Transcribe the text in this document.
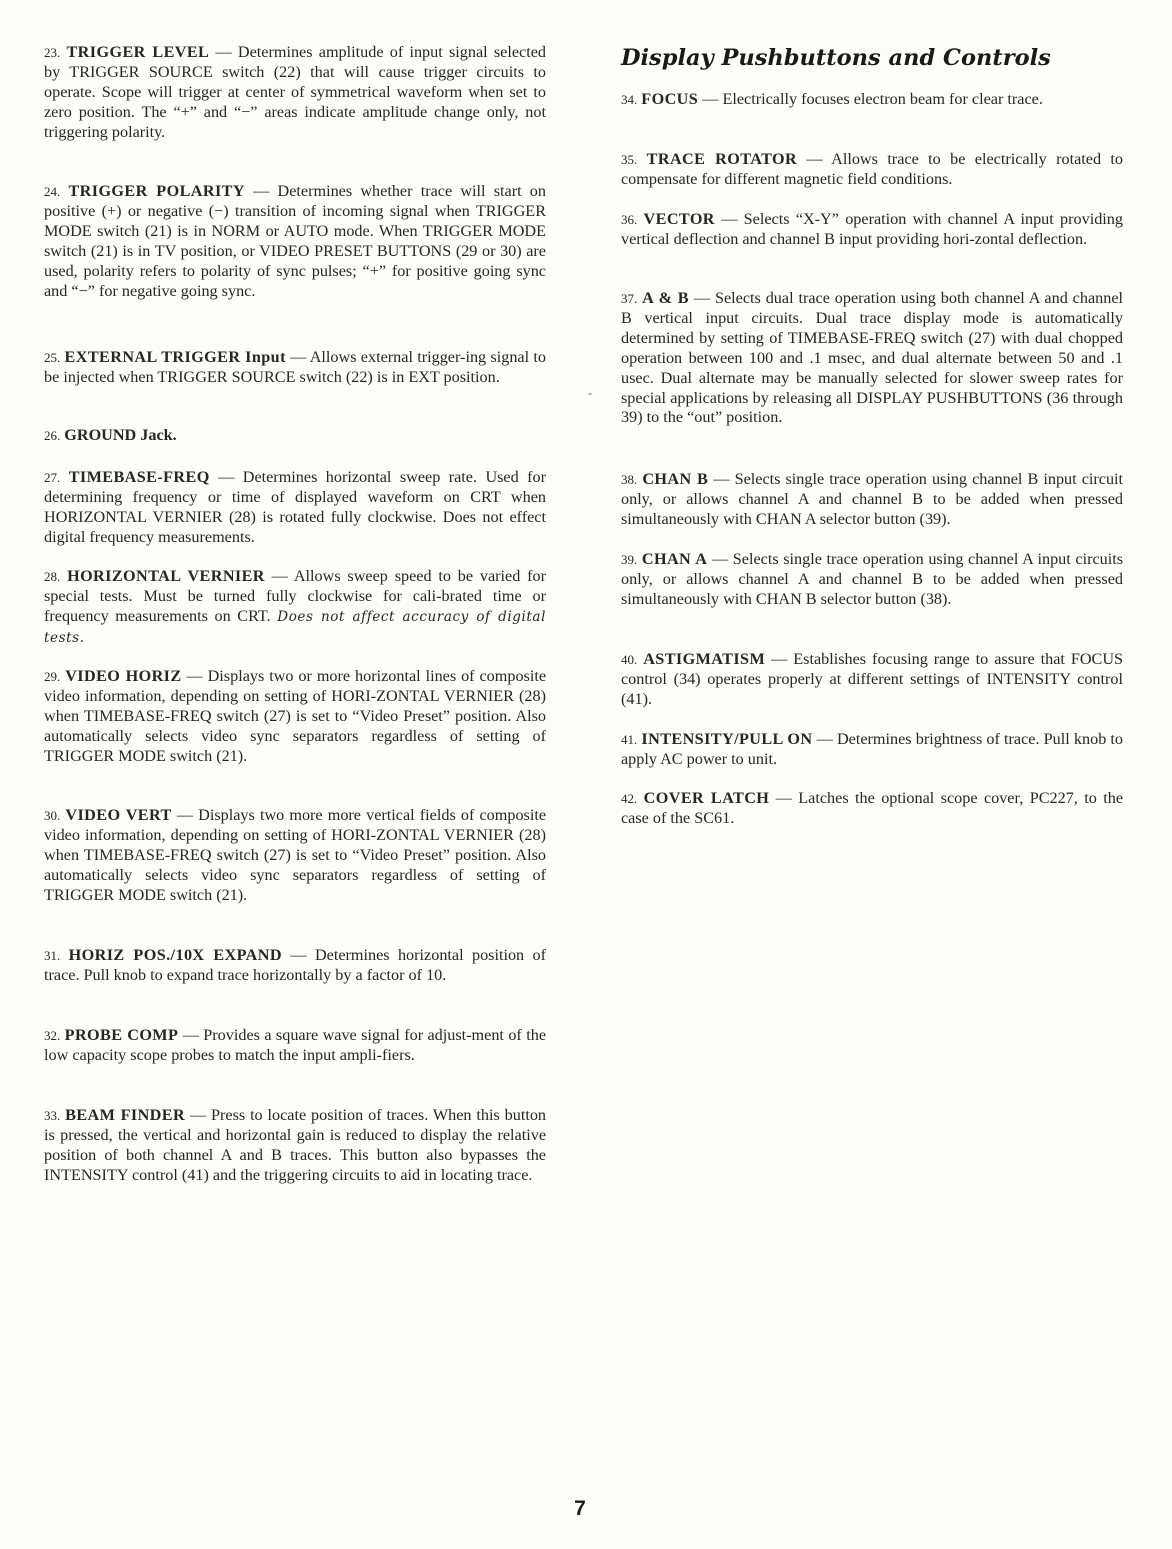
23. TRIGGER LEVEL — Determines amplitude of input signal selected by TRIGGER SOURCE switch (22) that will cause trigger circuits to operate. Scope will trigger at center of symmetrical waveform when set to zero position. The “+” and “−” areas indicate amplitude change only, not triggering polarity.

24. TRIGGER POLARITY — Determines whether trace will start on positive (+) or negative (−) transition of incoming signal when TRIGGER MODE switch (21) is in NORM or AUTO mode. When TRIGGER MODE switch (21) is in TV position, or VIDEO PRESET BUTTONS (29 or 30) are used, polarity refers to polarity of sync pulses; “+” for positive going sync and “−” for negative going sync.

25. EXTERNAL TRIGGER Input — Allows external trigger-ing signal to be injected when TRIGGER SOURCE switch (22) is in EXT position.

26. GROUND Jack.

27. TIMEBASE-FREQ — Determines horizontal sweep rate. Used for determining frequency or time of displayed waveform on CRT when HORIZONTAL VERNIER (28) is rotated fully clockwise. Does not effect digital frequency measurements.

28. HORIZONTAL VERNIER — Allows sweep speed to be varied for special tests. Must be turned fully clockwise for cali-brated time or frequency measurements on CRT. Does not affect accuracy of digital tests.

29. VIDEO HORIZ — Displays two or more horizontal lines of composite video information, depending on setting of HORI-ZONTAL VERNIER (28) when TIMEBASE-FREQ switch (27) is set to “Video Preset” position. Also automatically selects video sync separators regardless of setting of TRIGGER MODE switch (21).

30. VIDEO VERT — Displays two more more vertical fields of composite video information, depending on setting of HORI-ZONTAL VERNIER (28) when TIMEBASE-FREQ switch (27) is set to “Video Preset” position. Also automatically selects video sync separators regardless of setting of TRIGGER MODE switch (21).

31. HORIZ POS./10X EXPAND — Determines horizontal position of trace. Pull knob to expand trace horizontally by a factor of 10.

32. PROBE COMP — Provides a square wave signal for adjust-ment of the low capacity scope probes to match the input ampli-fiers.

33. BEAM FINDER — Press to locate position of traces. When this button is pressed, the vertical and horizontal gain is reduced to display the relative position of both channel A and B traces. This button also bypasses the INTENSITY control (41) and the triggering circuits to aid in locating trace.

-
Display Pushbuttons and Controls

34. FOCUS — Electrically focuses electron beam for clear trace.

35. TRACE ROTATOR — Allows trace to be electrically rotated to compensate for different magnetic field conditions.

36. VECTOR — Selects “X-Y” operation with channel A input providing vertical deflection and channel B input providing hori-zontal deflection.

37. A & B — Selects dual trace operation using both channel A and channel B vertical input circuits. Dual trace display mode is automatically determined by setting of TIMEBASE-FREQ switch (27) with dual chopped operation between 100 and .1 msec, and dual alternate between 50 and .1 usec. Dual alternate may be manually selected for slower sweep rates for special applications by releasing all DISPLAY PUSHBUTTONS (36 through 39) to the “out” position.

38. CHAN B — Selects single trace operation using channel B input circuit only, or allows channel A and channel B to be added when pressed simultaneously with CHAN A selector button (39).

39. CHAN A — Selects single trace operation using channel A input circuits only, or allows channel A and channel B to be added when pressed simultaneously with CHAN B selector button (38).

40. ASTIGMATISM — Establishes focusing range to assure that FOCUS control (34) operates properly at different settings of INTENSITY control (41).

41. INTENSITY/PULL ON — Determines brightness of trace. Pull knob to apply AC power to unit.

42. COVER LATCH — Latches the optional scope cover, PC227, to the case of the SC61.

7
